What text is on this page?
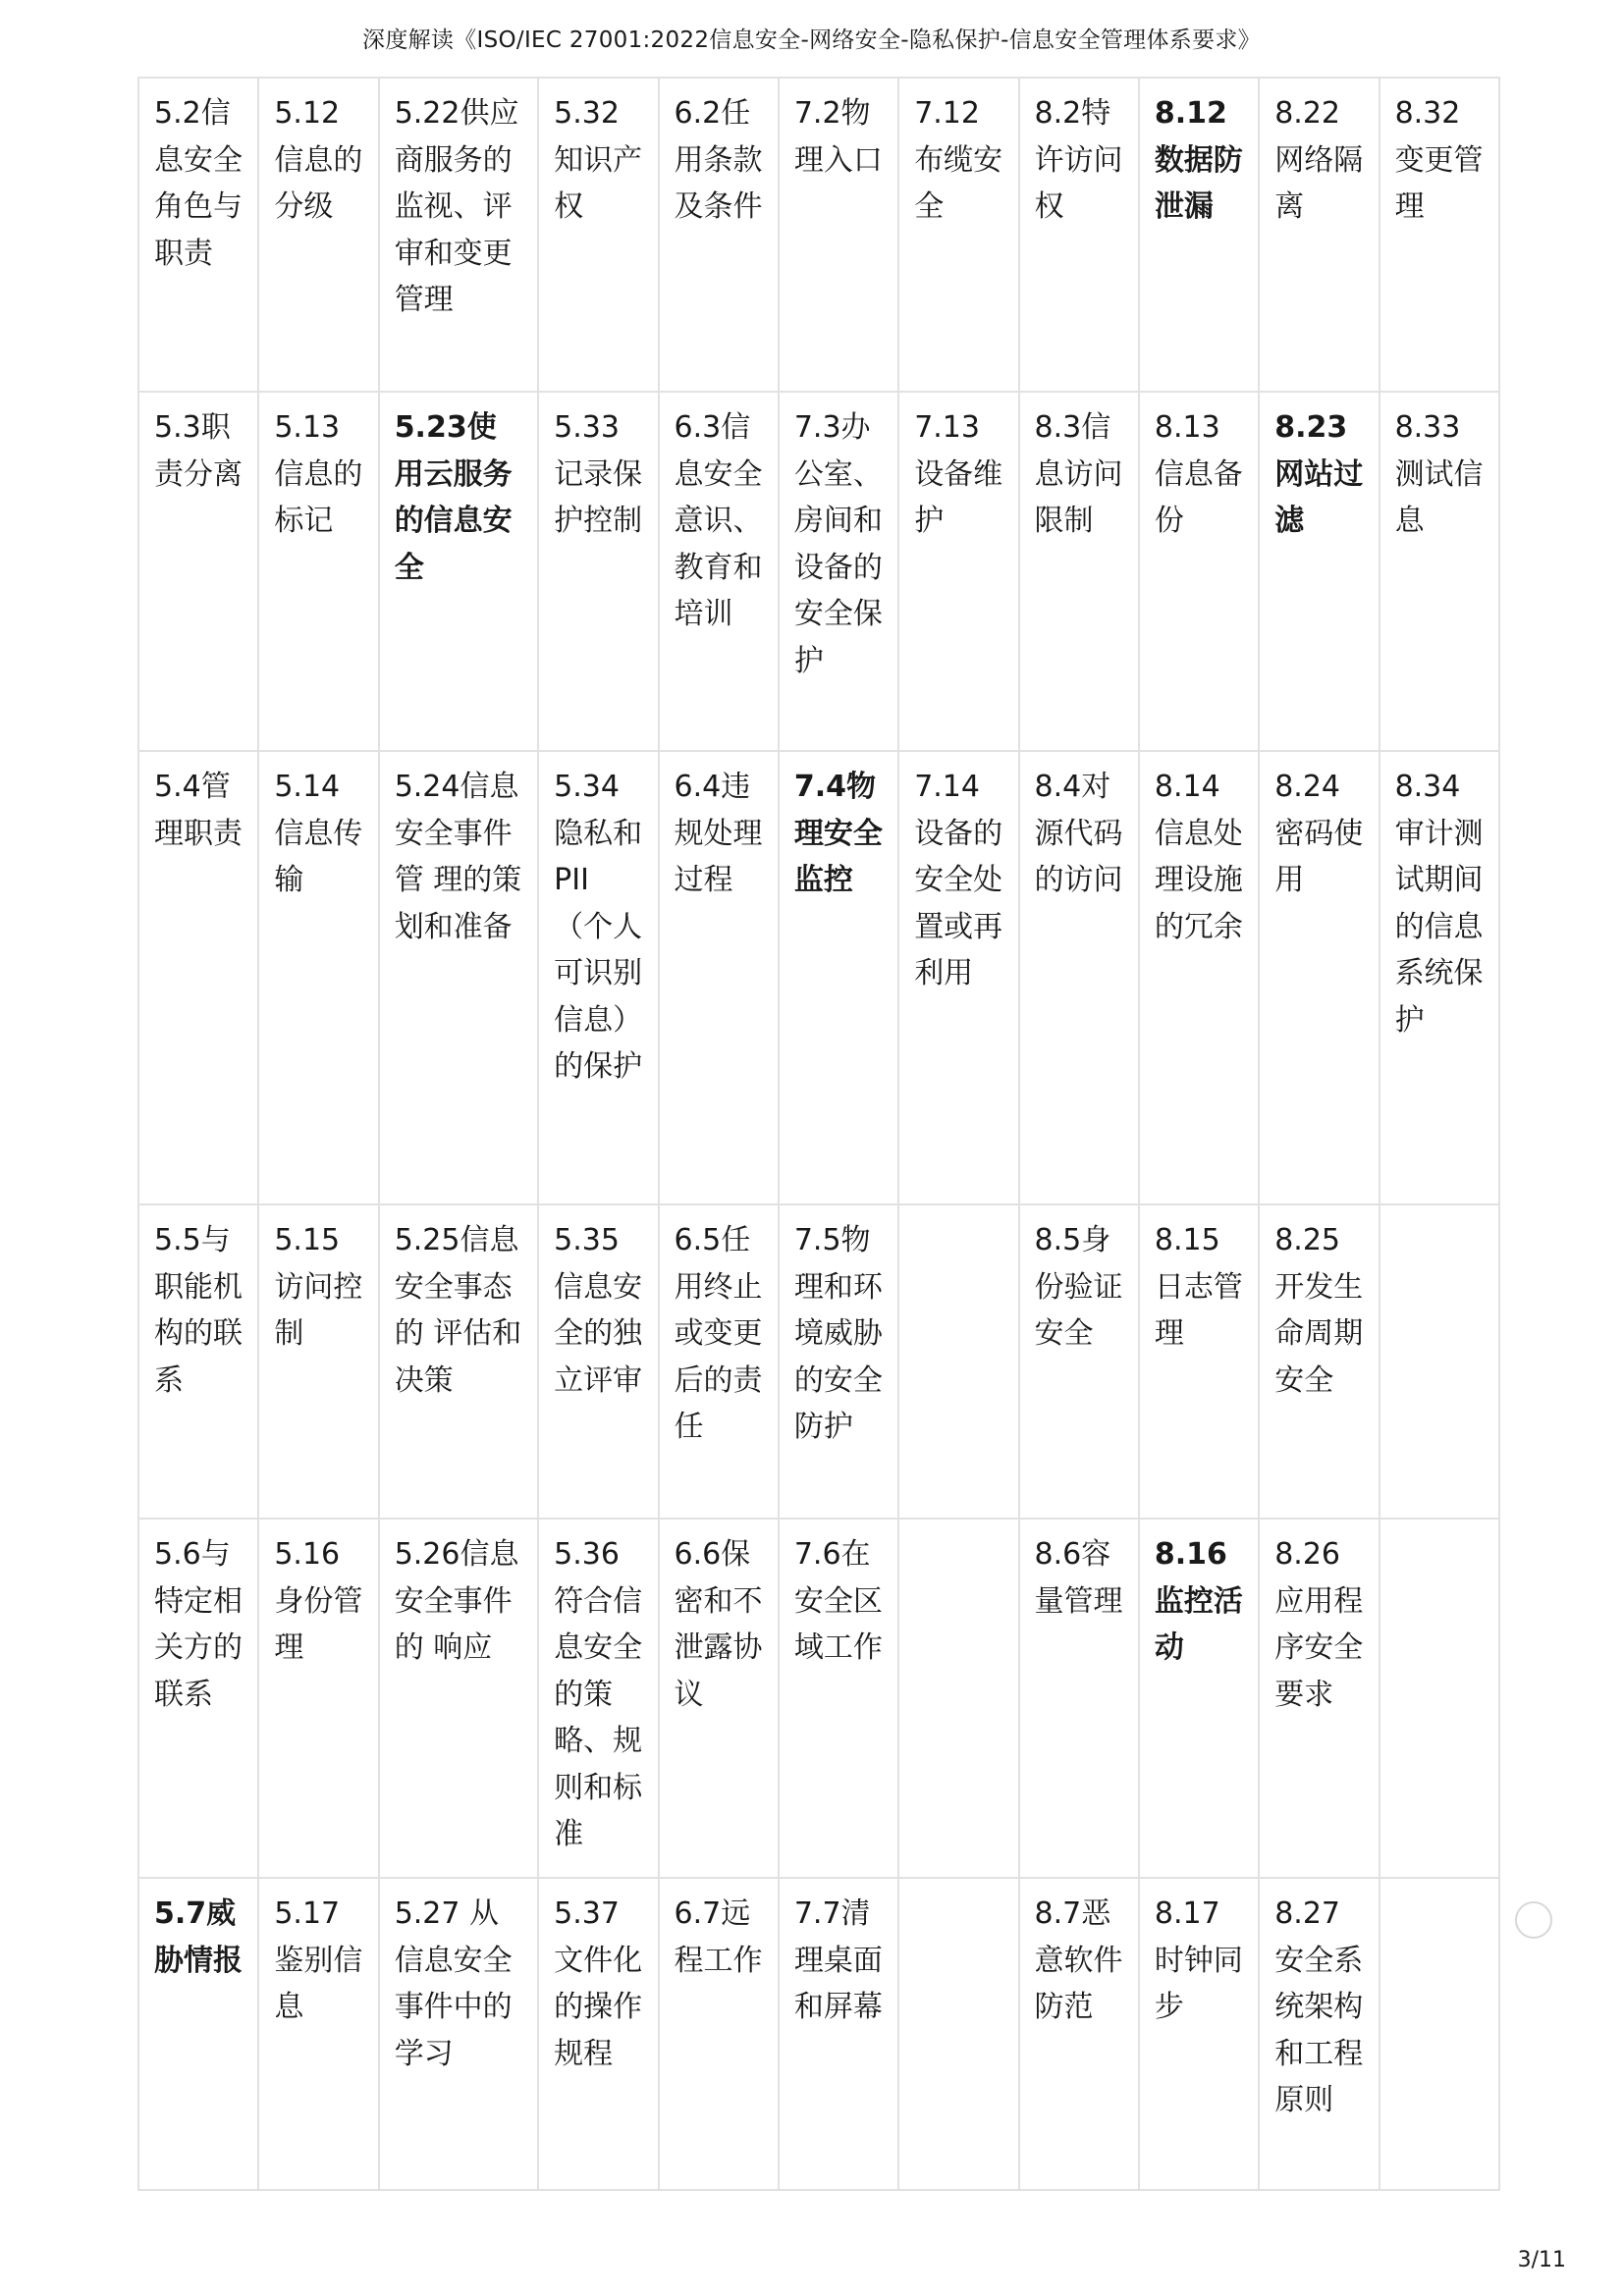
深度解读《ISO/IEC 27001:2022信息安全-网络安全-隐私保护-信息安全管理体系要求》
5.2信息安全角色与职责	5.12信息的分级	5.22供应商服务的监视、评审和变更管理	5.32知识产权	6.2任用条款及条件	7.2物理入口	7.12布缆安全	8.2特许访问权	8.12数据防泄漏	8.22网络隔离	8.32变更管理
5.3职责分离	5.13信息的标记	5.23使用云服务的信息安全	5.33记录保护控制	6.3信息安全意识、教育和培训	7.3办公室、房间和设备的安全保护	7.13设备维护	8.3信息访问限制	8.13信息备份	8.23网站过滤	8.33测试信息
5.4管理职责	5.14信息传输	5.24信息安全事件管 理的策划和准备	5.34隐私和PII （个人可识别信息）的保护	6.4违规处理过程	7.4物理安全监控	7.14设备的安全处置或再利用	8.4对源代码的访问	8.14信息处理设施的冗余	8.24密码使用	8.34审计测试期间的信息系统保护
5.5与职能机构的联系	5.15访问控制	5.25信息安全事态的 评估和决策	5.35信息安全的独立评审	6.5任用终止或变更后的责任	7.5物理和环境威胁的安全防护		8.5身份验证安全	8.15日志管理	8.25开发生命周期安全	
5.6与特定相关方的联系	5.16身份管理	5.26信息安全事件的 响应	5.36符合信息安全的策略、规则和标 准	6.6保密和不泄露协议	7.6在安全区域工作		8.6容量管理	8.16监控活动	8.26应用程序安全要求	
5.7威胁情报	5.17鉴别信息	5.27 从信息安全事件中的学习	5.37文件化的操作规程	6.7远程工作	7.7清理桌面和屏幕		8.7恶意软件防范	8.17时钟同步	8.27安全系统架构和工程原则	
3/11
